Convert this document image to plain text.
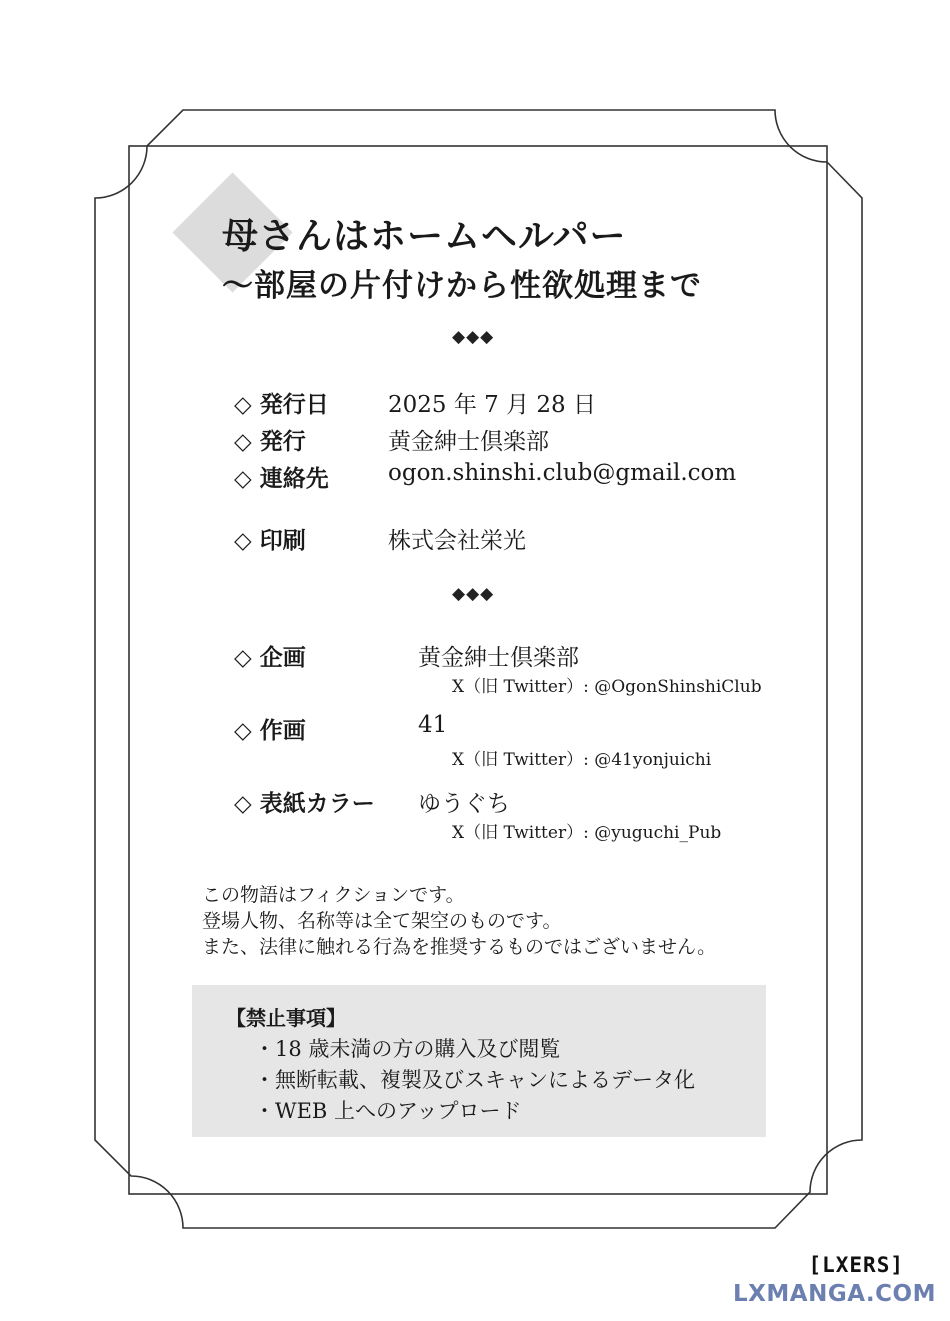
母さんはホームヘルパー
〜部屋の片付けから性欲処理まで
◆◆◆
◇ 発行日	2025 年 7 月 28 日
◇ 発行	黄金紳士倶楽部
◇ 連絡先	ogon.shinshi.club@gmail.com
◇ 印刷	株式会社栄光
◆◆◆
◇ 企画	黄金紳士倶楽部
X（旧 Twitter）: @OgonShinshiClub
◇ 作画	41
X（旧 Twitter）: @41yonjuichi
◇ 表紙カラー ゆうぐち
X（旧 Twitter）: @yuguchi_Pub
この物語はフィクションです。
登場人物、名称等は全て架空のものです。
また、法律に触れる行為を推奨するものではございません。
【禁止事項】
・18 歳未満の方の購入及び閲覧
・無断転載、複製及びスキャンによるデータ化
・WEB 上へのアップロード
[LXERS]
LXMANGA.COM
